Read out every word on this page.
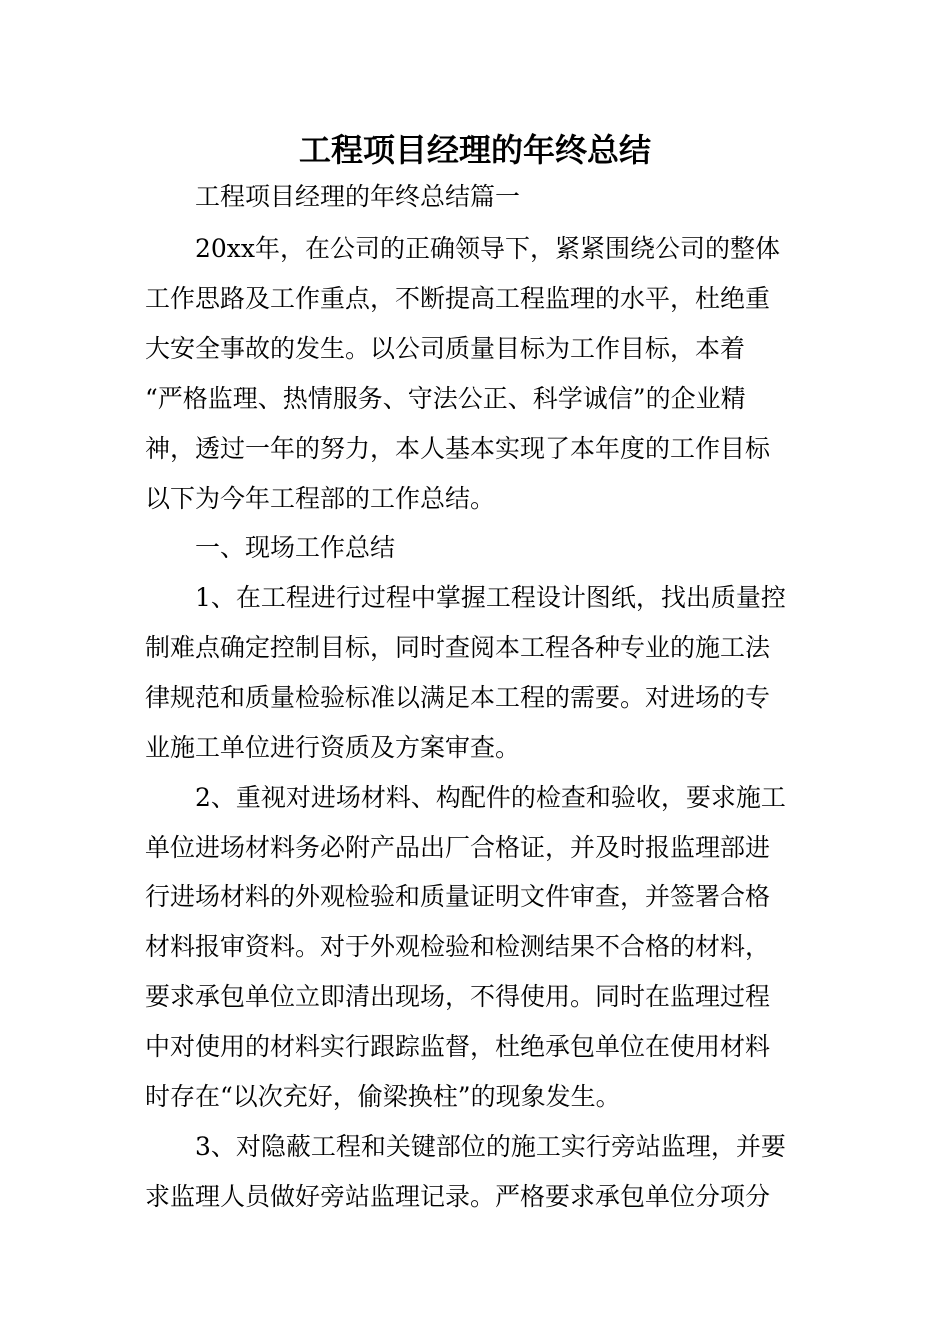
工程项目经理的年终总结

工程项目经理的年终总结篇一

20xx年，在公司的正确领导下，紧紧围绕公司的整体

工作思路及工作重点，不断提高工程监理的水平，杜绝重

大安全事故的发生。以公司质量目标为工作目标，本着

“严格监理、热情服务、守法公正、科学诚信”的企业精

神，透过一年的努力，本人基本实现了本年度的工作目标

以下为今年工程部的工作总结。

一、现场工作总结

1、在工程进行过程中掌握工程设计图纸，找出质量控

制难点确定控制目标，同时查阅本工程各种专业的施工法

律规范和质量检验标准以满足本工程的需要。对进场的专

业施工单位进行资质及方案审查。

2、重视对进场材料、构配件的检查和验收，要求施工

单位进场材料务必附产品出厂合格证，并及时报监理部进

行进场材料的外观检验和质量证明文件审查，并签署合格

材料报审资料。对于外观检验和检测结果不合格的材料，

要求承包单位立即清出现场，不得使用。同时在监理过程

中对使用的材料实行跟踪监督，杜绝承包单位在使用材料

时存在“以次充好，偷梁换柱”的现象发生。

3、对隐蔽工程和关键部位的施工实行旁站监理，并要

求监理人员做好旁站监理记录。严格要求承包单位分项分
